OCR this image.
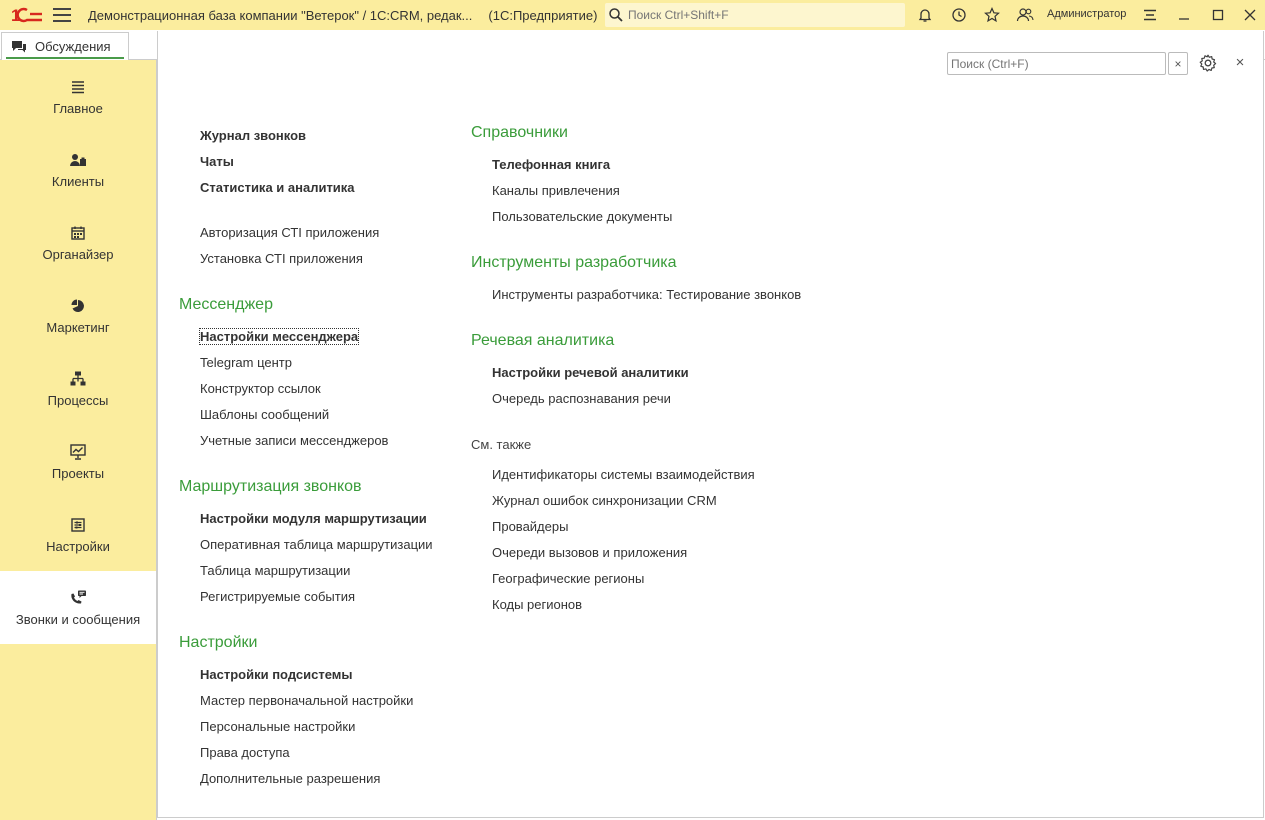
1	Демонстрационная база компании "Ветерок" / 1С:CRM, редак... (1С:Предприятие)
Поиск Ctrl+Shift+F	Администратор
Обсуждения
Главное
Клиенты
Органайзер
Маркетинг
Процессы
Проекты
Настройки
Звонки и сообщения
Поиск (Ctrl+F)
×	×
Журнал звонков
Чаты
Статистика и аналитика
Авторизация СТI приложения
Установка СТI приложения
Мессенджер
Настройки мессенджера
Telegram центр
Конструктор ссылок
Шаблоны сообщений
Учетные записи мессенджеров
Маршрутизация звонков
Настройки модуля маршрутизации
Оперативная таблица маршрутизации
Таблица маршрутизации
Регистрируемые события
Настройки
Настройки подсистемы
Мастер первоначальной настройки
Персональные настройки
Права доступа
Дополнительные разрешения
Справочники
Телефонная книга
Каналы привлечения
Пользовательские документы
Инструменты разработчика
Инструменты разработчика: Тестирование звонков
Речевая аналитика
Настройки речевой аналитики
Очередь распознавания речи
См. также
Идентификаторы системы взаимодействия
Журнал ошибок синхронизации CRM
Провайдеры
Очереди вызовов и приложения
Географические регионы
Коды регионов
